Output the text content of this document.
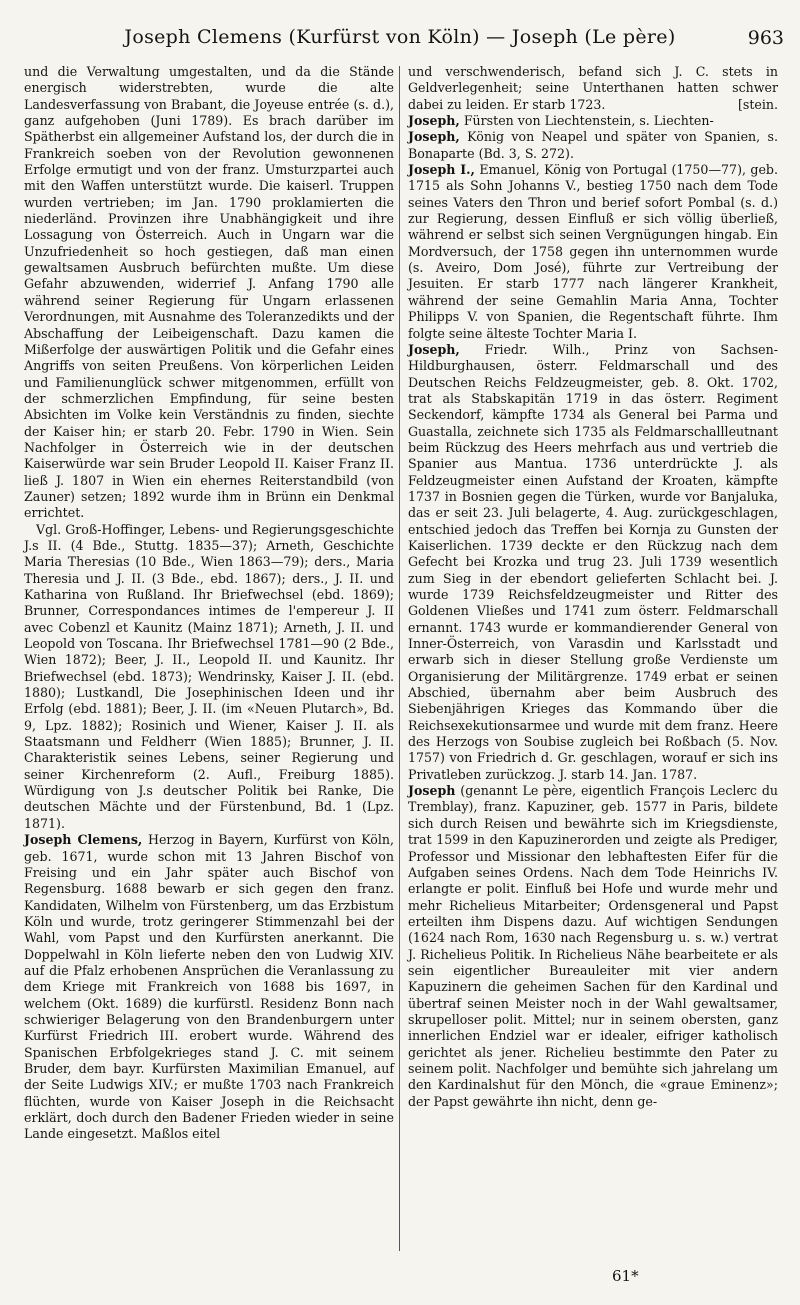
Joseph Clemens (Kurfürst von Köln) — Joseph (Le père)	963

und die Verwaltung umgestalten, und da die Stände energisch widerstrebten, wurde die alte Landesverfassung von Brabant, die Joyeuse entrée (s. d.), ganz aufgehoben (Juni 1789). Es brach darüber im Spätherbst ein allgemeiner Aufstand los, der durch die in Frankreich soeben von der Revolution gewonnenen Erfolge ermutigt und von der franz. Umsturzpartei auch mit den Waffen unterstützt wurde. Die kaiserl. Truppen wurden vertrieben; im Jan. 1790 proklamierten die niederländ. Provinzen ihre Unabhängigkeit und ihre Lossagung von Österreich. Auch in Ungarn war die Unzufriedenheit so hoch gestiegen, daß man einen gewaltsamen Ausbruch befürchten mußte. Um diese Gefahr abzuwenden, widerrief J. Anfang 1790 alle während seiner Regierung für Ungarn erlassenen Verordnungen, mit Ausnahme des Toleranzedikts und der Abschaffung der Leibeigenschaft. Dazu kamen die Mißerfolge der auswärtigen Politik und die Gefahr eines Angriffs von seiten Preußens. Von körperlichen Leiden und Familienunglück schwer mitgenommen, erfüllt von der schmerzlichen Empfindung, für seine besten Absichten im Volke kein Verständnis zu finden, siechte der Kaiser hin; er starb 20. Febr. 1790 in Wien. Sein Nachfolger in Österreich wie in der deutschen Kaiserwürde war sein Bruder Leopold II. Kaiser Franz II. ließ J. 1807 in Wien ein ehernes Reiterstandbild (von Zauner) setzen; 1892 wurde ihm in Brünn ein Denkmal errichtet.

Vgl. Groß-Hoffinger, Lebens- und Regierungsgeschichte J.s II. (4 Bde., Stuttg. 1835—37); Arneth, Geschichte Maria Theresias (10 Bde., Wien 1863—79); ders., Maria Theresia und J. II. (3 Bde., ebd. 1867); ders., J. II. und Katharina von Rußland. Ihr Briefwechsel (ebd. 1869); Brunner, Correspondances intimes de l'empereur J. II avec Cobenzl et Kaunitz (Mainz 1871); Arneth, J. II. und Leopold von Toscana. Ihr Briefwechsel 1781—90 (2 Bde., Wien 1872); Beer, J. II., Leopold II. und Kaunitz. Ihr Briefwechsel (ebd. 1873); Wendrinsky, Kaiser J. II. (ebd. 1880); Lustkandl, Die Josephinischen Ideen und ihr Erfolg (ebd. 1881); Beer, J. II. (im «Neuen Plutarch», Bd. 9, Lpz. 1882); Rosinich und Wiener, Kaiser J. II. als Staatsmann und Feldherr (Wien 1885); Brunner, J. II. Charakteristik seines Lebens, seiner Regierung und seiner Kirchenreform (2. Aufl., Freiburg 1885). Würdigung von J.s deutscher Politik bei Ranke, Die deutschen Mächte und der Fürstenbund, Bd. 1 (Lpz. 1871).

Joseph Clemens, Herzog in Bayern, Kurfürst von Köln, geb. 1671, wurde schon mit 13 Jahren Bischof von Freising und ein Jahr später auch Bischof von Regensburg. 1688 bewarb er sich gegen den franz. Kandidaten, Wilhelm von Fürstenberg, um das Erzbistum Köln und wurde, trotz geringerer Stimmenzahl bei der Wahl, vom Papst und den Kurfürsten anerkannt. Die Doppelwahl in Köln lieferte neben den von Ludwig XIV. auf die Pfalz erhobenen Ansprüchen die Veranlassung zu dem Kriege mit Frankreich von 1688 bis 1697, in welchem (Okt. 1689) die kurfürstl. Residenz Bonn nach schwieriger Belagerung von den Brandenburgern unter Kurfürst Friedrich III. erobert wurde. Während des Spanischen Erbfolgekrieges stand J. C. mit seinem Bruder, dem bayr. Kurfürsten Maximilian Emanuel, auf der Seite Ludwigs XIV.; er mußte 1703 nach Frankreich flüchten, wurde von Kaiser Joseph in die Reichsacht erklärt, doch durch den Badener Frieden wieder in seine Lande eingesetzt. Maßlos eitel

und verschwenderisch, befand sich J. C. stets in Geldverlegenheit; seine Unterthanen hatten schwer dabei zu leiden. Er starb 1723.	[stein.

Joseph, Fürsten von Liechtenstein, s. Liechten-

Joseph, König von Neapel und später von Spanien, s. Bonaparte (Bd. 3, S. 272).

Joseph I., Emanuel, König von Portugal (1750—77), geb. 1715 als Sohn Johanns V., bestieg 1750 nach dem Tode seines Vaters den Thron und berief sofort Pombal (s. d.) zur Regierung, dessen Einfluß er sich völlig überließ, während er selbst sich seinen Vergnügungen hingab. Ein Mordversuch, der 1758 gegen ihn unternommen wurde (s. Aveiro, Dom José), führte zur Vertreibung der Jesuiten. Er starb 1777 nach längerer Krankheit, während der seine Gemahlin Maria Anna, Tochter Philipps V. von Spanien, die Regentschaft führte. Ihm folgte seine älteste Tochter Maria I.

Joseph, Friedr. Wilh., Prinz von Sachsen-Hildburghausen, österr. Feldmarschall und des Deutschen Reichs Feldzeugmeister, geb. 8. Okt. 1702, trat als Stabskapitän 1719 in das österr. Regiment Seckendorf, kämpfte 1734 als General bei Parma und Guastalla, zeichnete sich 1735 als Feldmarschallleutnant beim Rückzug des Heers mehrfach aus und vertrieb die Spanier aus Mantua. 1736 unterdrückte J. als Feldzeugmeister einen Aufstand der Kroaten, kämpfte 1737 in Bosnien gegen die Türken, wurde vor Banjaluka, das er seit 23. Juli belagerte, 4. Aug. zurückgeschlagen, entschied jedoch das Treffen bei Kornja zu Gunsten der Kaiserlichen. 1739 deckte er den Rückzug nach dem Gefecht bei Krozka und trug 23. Juli 1739 wesentlich zum Sieg in der ebendort gelieferten Schlacht bei. J. wurde 1739 Reichsfeldzeugmeister und Ritter des Goldenen Vließes und 1741 zum österr. Feldmarschall ernannt. 1743 wurde er kommandierender General von Inner-Österreich, von Varasdin und Karlsstadt und erwarb sich in dieser Stellung große Verdienste um Organisierung der Militärgrenze. 1749 erbat er seinen Abschied, übernahm aber beim Ausbruch des Siebenjährigen Krieges das Kommando über die Reichsexekutionsarmee und wurde mit dem franz. Heere des Herzogs von Soubise zugleich bei Roßbach (5. Nov. 1757) von Friedrich d. Gr. geschlagen, worauf er sich ins Privatleben zurückzog. J. starb 14. Jan. 1787.

Joseph (genannt Le père, eigentlich François Leclerc du Tremblay), franz. Kapuziner, geb. 1577 in Paris, bildete sich durch Reisen und bewährte sich im Kriegsdienste, trat 1599 in den Kapuzinerorden und zeigte als Prediger, Professor und Missionar den lebhaftesten Eifer für die Aufgaben seines Ordens. Nach dem Tode Heinrichs IV. erlangte er polit. Einfluß bei Hofe und wurde mehr und mehr Richelieus Mitarbeiter; Ordensgeneral und Papst erteilten ihm Dispens dazu. Auf wichtigen Sendungen (1624 nach Rom, 1630 nach Regensburg u. s. w.) vertrat J. Richelieus Politik. In Richelieus Nähe bearbeitete er als sein eigentlicher Bureauleiter mit vier andern Kapuzinern die geheimen Sachen für den Kardinal und übertraf seinen Meister noch in der Wahl gewaltsamer, skrupelloser polit. Mittel; nur in seinem obersten, ganz innerlichen Endziel war er idealer, eifriger katholisch gerichtet als jener. Richelieu bestimmte den Pater zu seinem polit. Nachfolger und bemühte sich jahrelang um den Kardinalshut für den Mönch, die «graue Eminenz»; der Papst gewährte ihn nicht, denn ge-

61*
